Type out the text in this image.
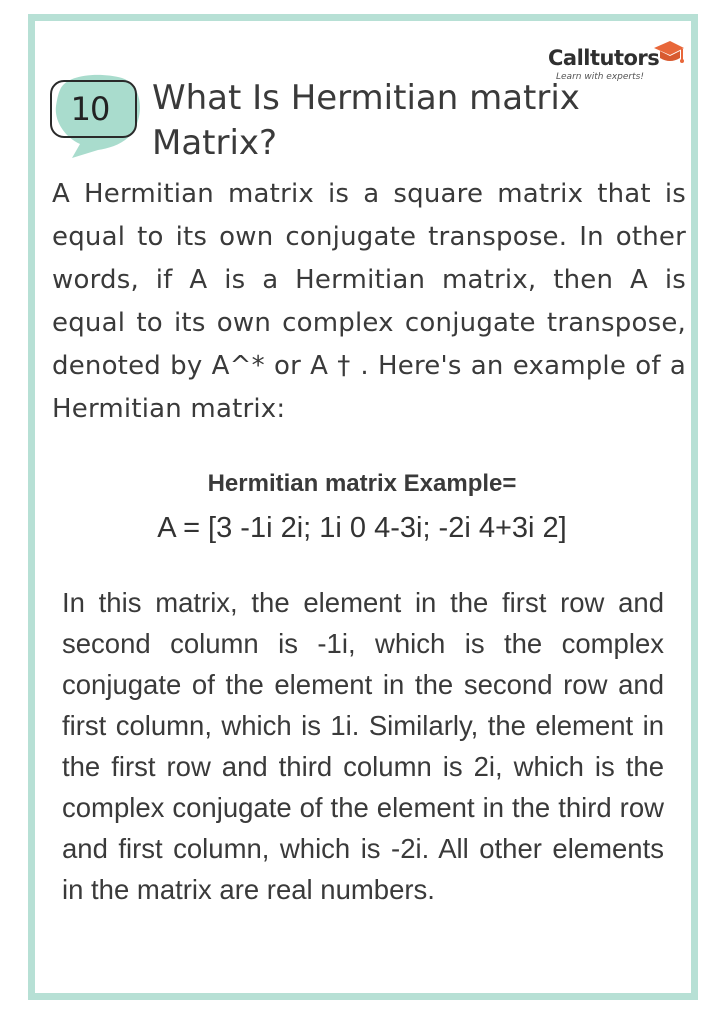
Calltutors
Learn with experts!
10	What Is Hermitian matrix
Matrix?
A Hermitian matrix is a square matrix that is equal to its own conjugate transpose. In other words, if A is a Hermitian matrix, then A is equal to its own complex conjugate transpose, denoted by A^* or A † . Here's an example of a Hermitian matrix:
Hermitian matrix Example=
A = [3 -1i 2i; 1i 0 4-3i; -2i 4+3i 2]
In this matrix, the element in the first row and second column is -1i, which is the complex conjugate of the element in the second row and first column, which is 1i. Similarly, the element in the first row and third column is 2i, which is the complex conjugate of the element in the third row and first column, which is -2i. All other elements in the matrix are real numbers.
